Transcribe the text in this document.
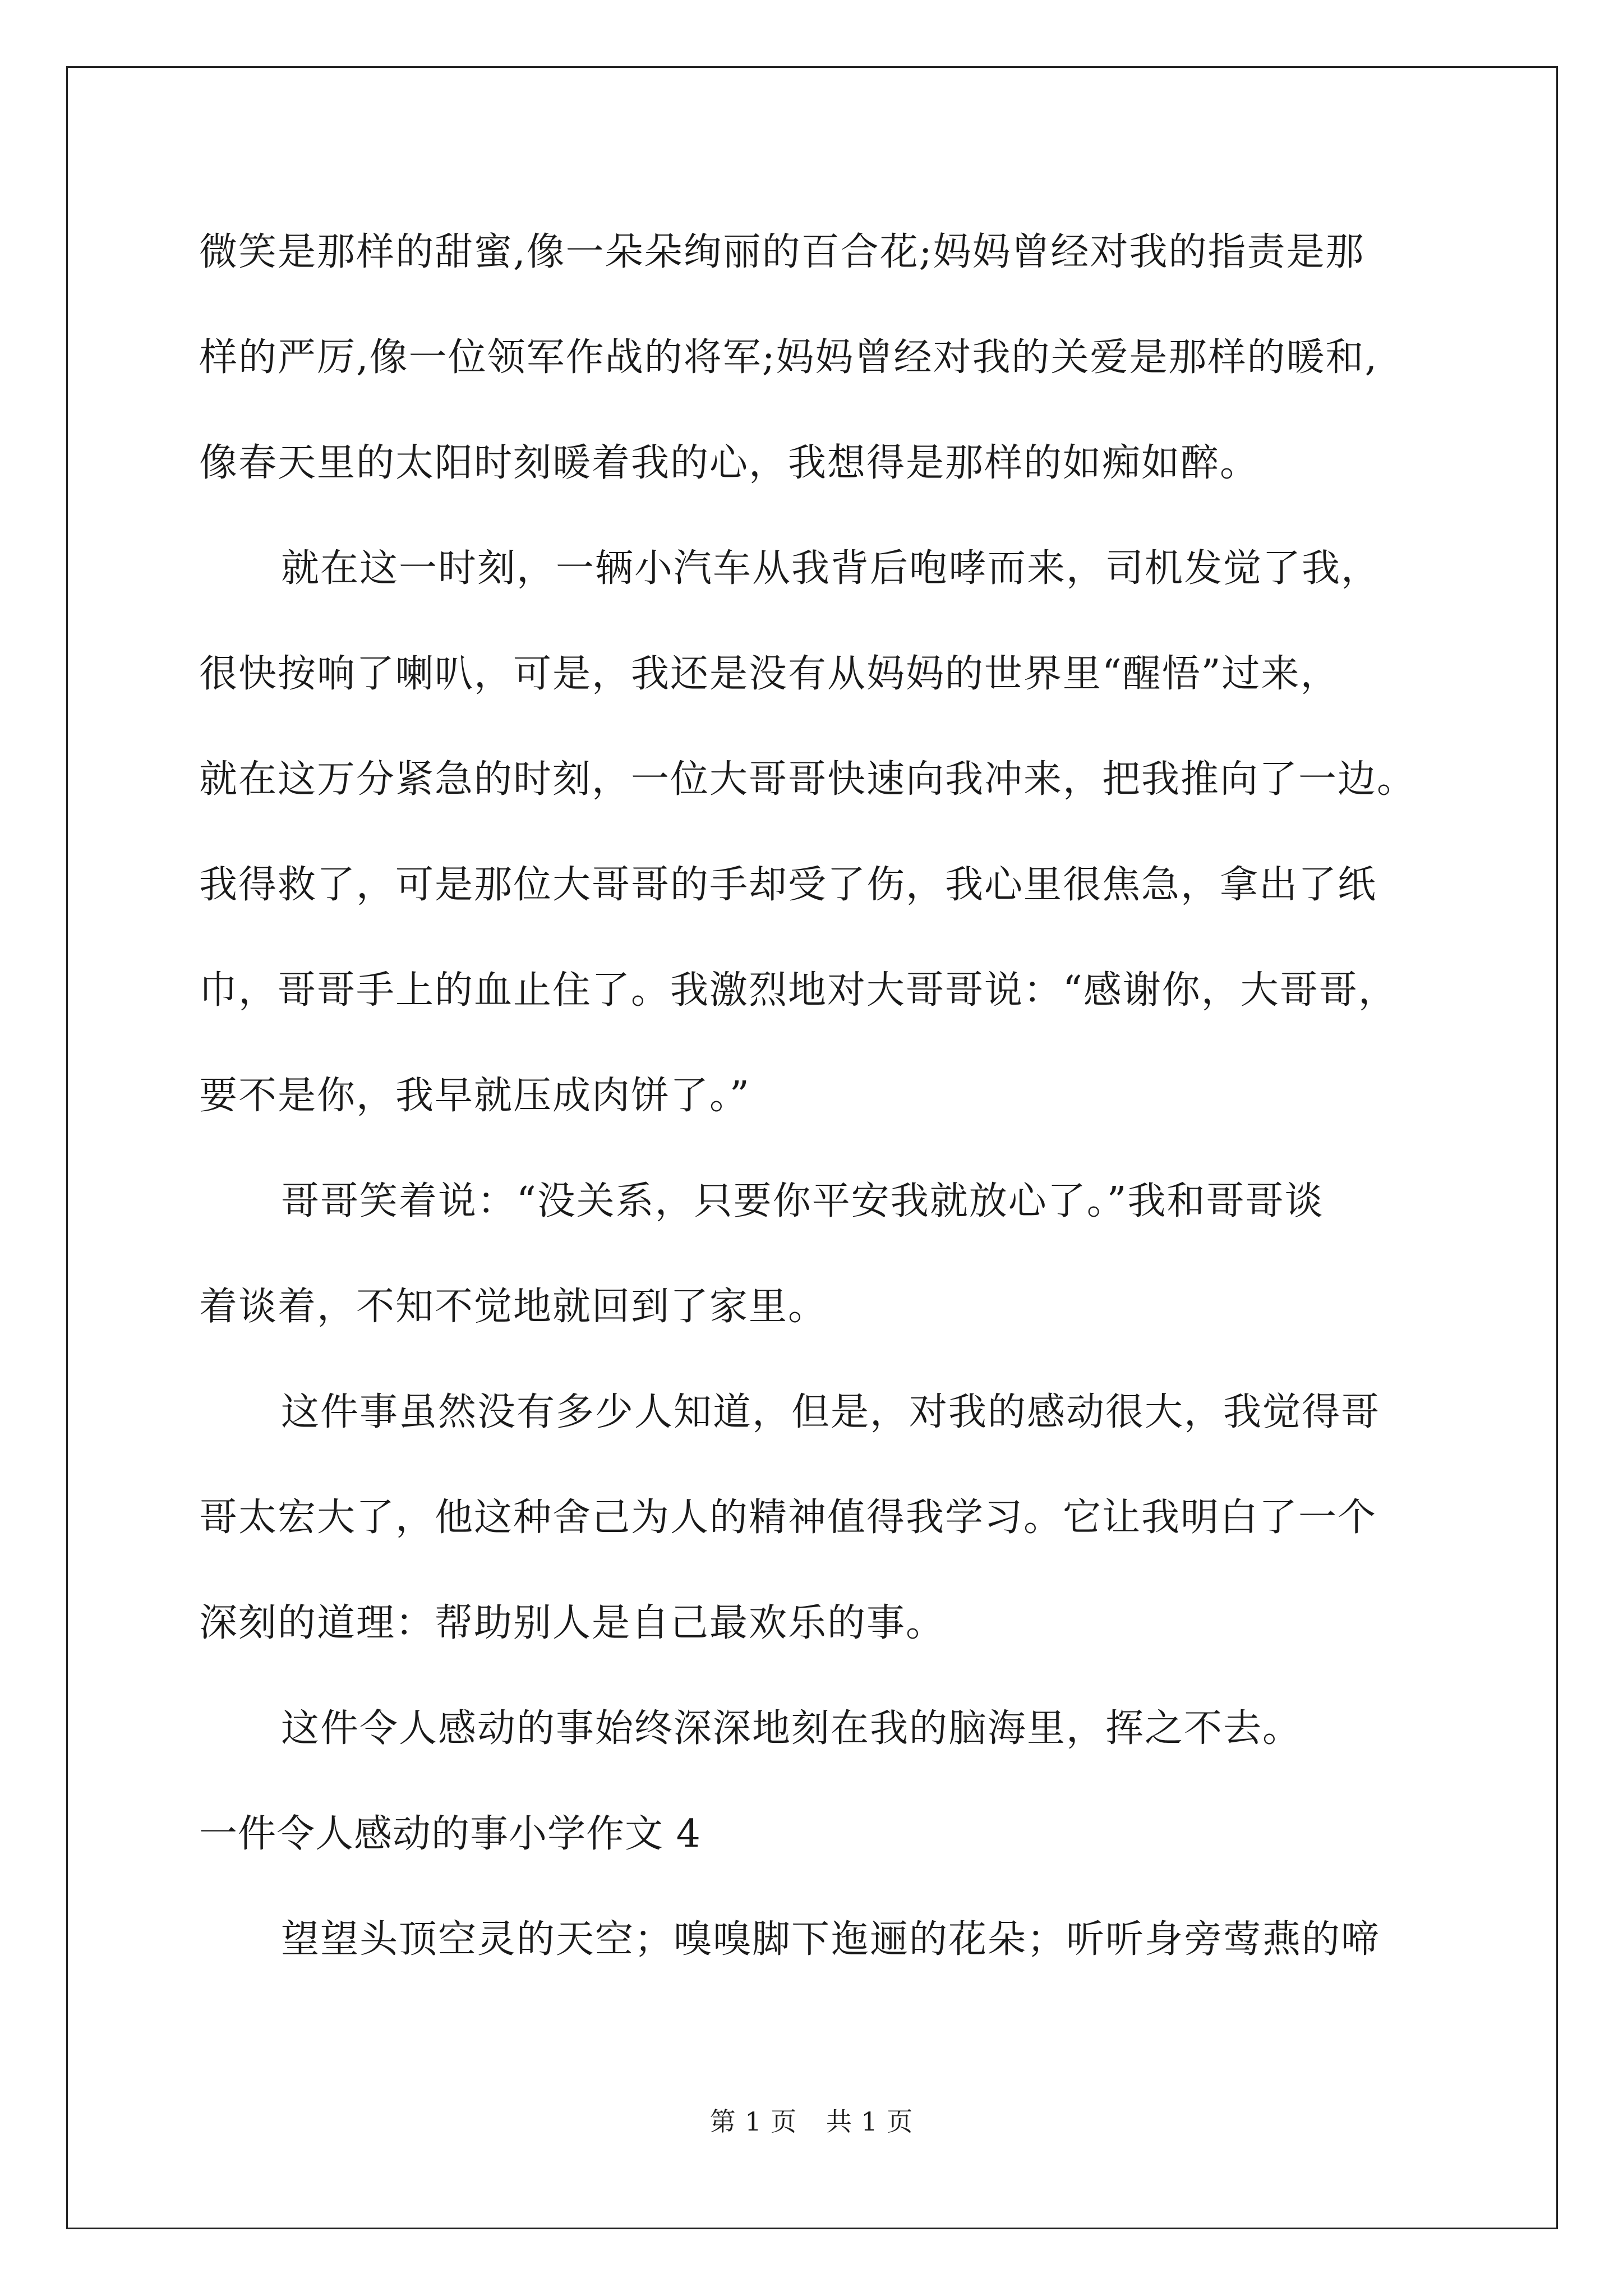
微笑是那样的甜蜜,像一朵朵绚丽的百合花;妈妈曾经对我的指责是那
样的严厉,像一位领军作战的将军;妈妈曾经对我的关爱是那样的暖和,
像春天里的太阳时刻暖着我的心，我想得是那样的如痴如醉。
就在这一时刻，一辆小汽车从我背后咆哮而来，司机发觉了我，
很快按响了喇叭，可是，我还是没有从妈妈的世界里“醒悟”过来，
就在这万分紧急的时刻，一位大哥哥快速向我冲来，把我推向了一边。
我得救了，可是那位大哥哥的手却受了伤，我心里很焦急，拿出了纸
巾，哥哥手上的血止住了。我激烈地对大哥哥说：“感谢你，大哥哥，
要不是你，我早就压成肉饼了。”
哥哥笑着说：“没关系，只要你平安我就放心了。”我和哥哥谈
着谈着，不知不觉地就回到了家里。
这件事虽然没有多少人知道，但是，对我的感动很大，我觉得哥
哥太宏大了，他这种舍己为人的精神值得我学习。它让我明白了一个
深刻的道理：帮助别人是自己最欢乐的事。
这件令人感动的事始终深深地刻在我的脑海里，挥之不去。
一件令人感动的事小学作文 4
望望头顶空灵的天空；嗅嗅脚下迤逦的花朵；听听身旁莺燕的啼
第 1 页 共 1 页
